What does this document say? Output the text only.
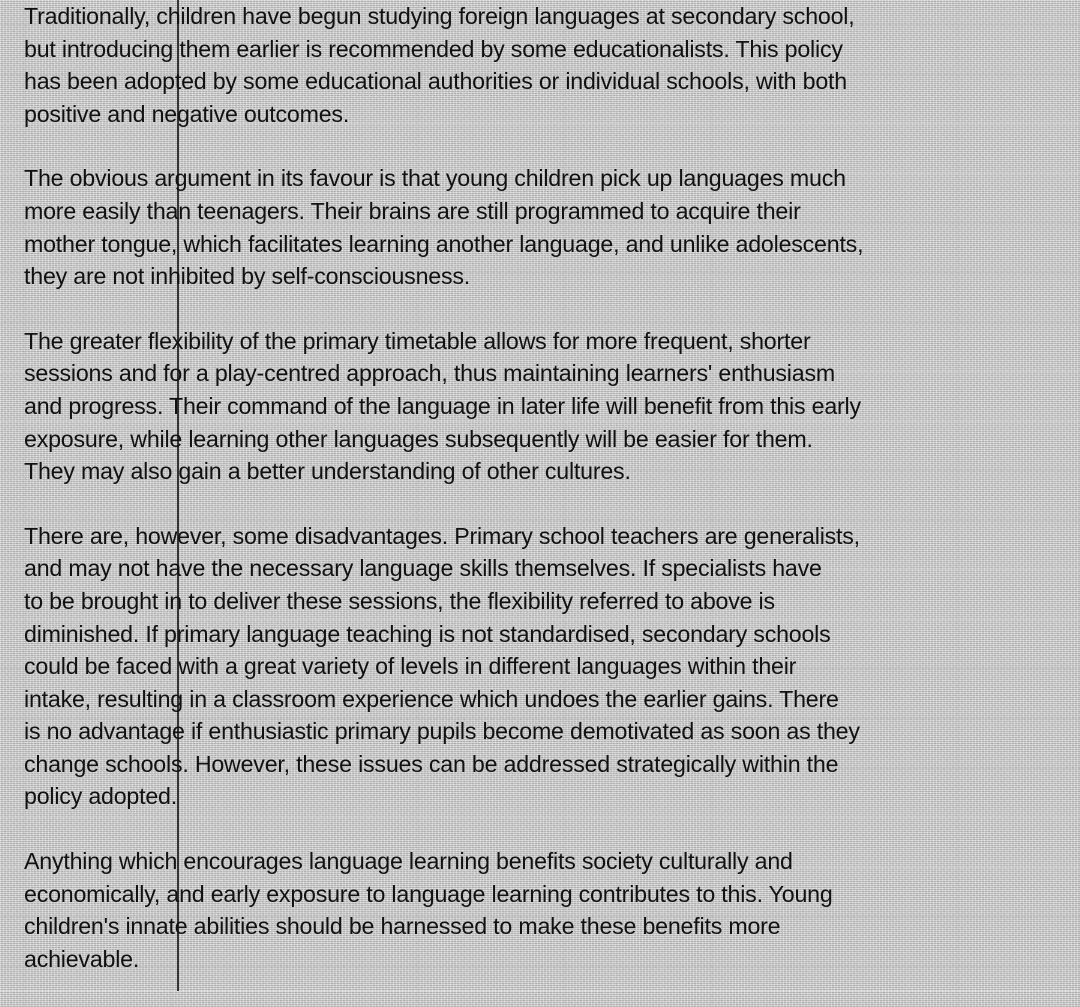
Traditionally, children have begun studying foreign languages at secondary school,
but introducing them earlier is recommended by some educationalists. This policy
has been adopted by some educational authorities or individual schools, with both
positive and negative outcomes.

The obvious argument in its favour is that young children pick up languages much
more easily than teenagers. Their brains are still programmed to acquire their
mother tongue, which facilitates learning another language, and unlike adolescents,
they are not inhibited by self-consciousness.

The greater flexibility of the primary timetable allows for more frequent, shorter
sessions and for a play-centred approach, thus maintaining learners' enthusiasm
and progress. Their command of the language in later life will benefit from this early
exposure, while learning other languages subsequently will be easier for them.
They may also gain a better understanding of other cultures.

There are, however, some disadvantages. Primary school teachers are generalists,
and may not have the necessary language skills themselves. If specialists have
to be brought in to deliver these sessions, the flexibility referred to above is
diminished. If primary language teaching is not standardised, secondary schools
could be faced with a great variety of levels in different languages within their
intake, resulting in a classroom experience which undoes the earlier gains. There
is no advantage if enthusiastic primary pupils become demotivated as soon as they
change schools. However, these issues can be addressed strategically within the
policy adopted.

Anything which encourages language learning benefits society culturally and
economically, and early exposure to language learning contributes to this. Young
children's innate abilities should be harnessed to make these benefits more
achievable.
